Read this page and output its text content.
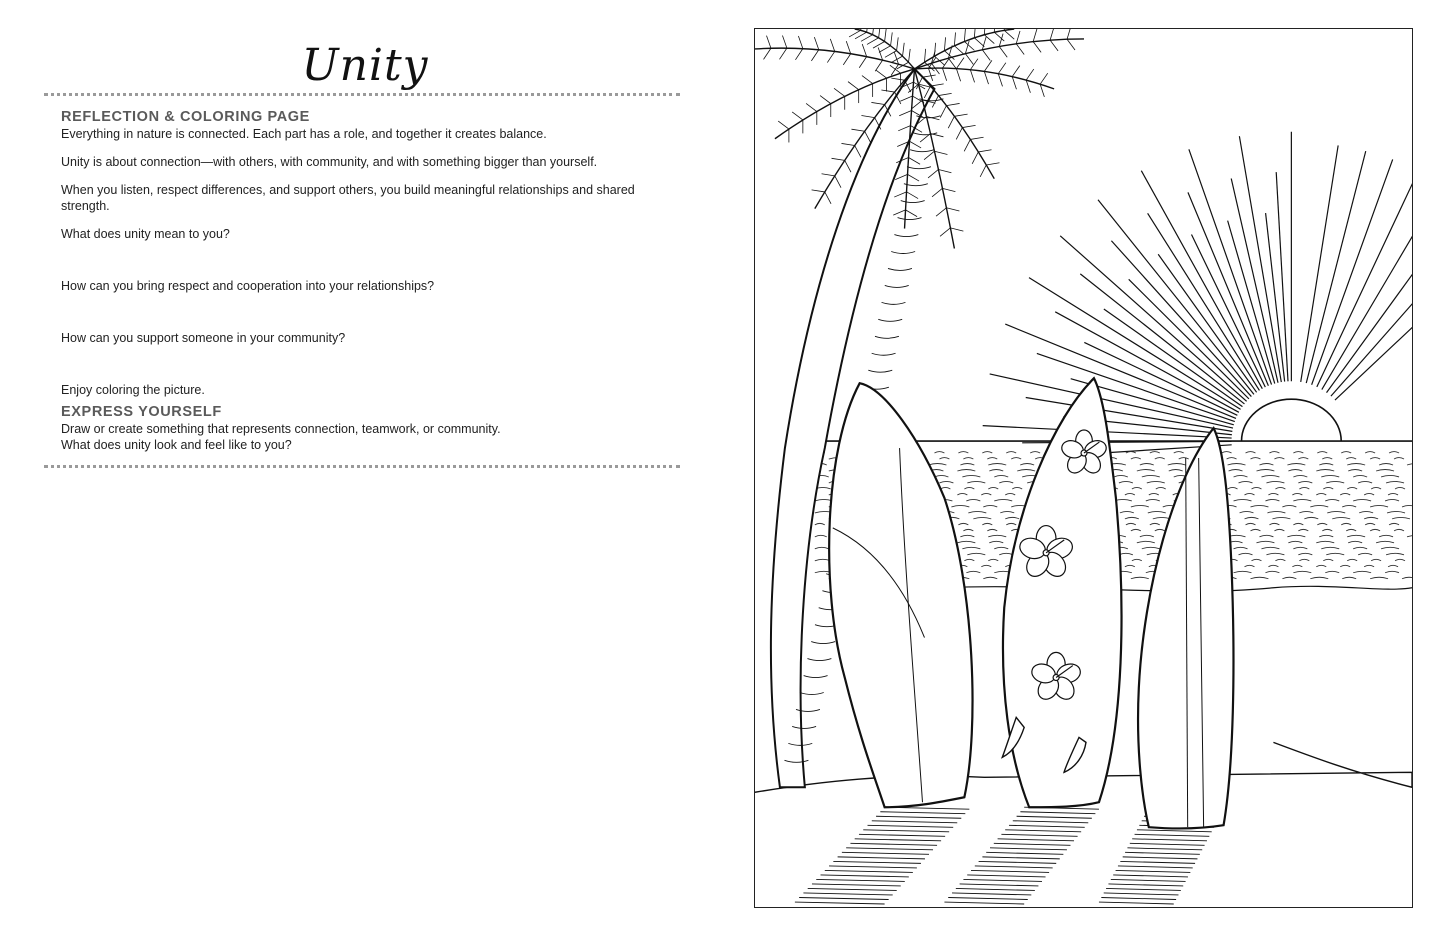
Unity
REFLECTION & COLORING PAGE

Everything in nature is connected. Each part has a role, and together it creates balance.

Unity is about connection—with others, with community, and with something bigger than yourself.

When you listen, respect differences, and support others, you build meaningful relationships and shared strength.

What does unity mean to you?

How can you bring respect and cooperation into your relationships?

How can you support someone in your community?

Enjoy coloring the picture.

EXPRESS YOURSELF

Draw or create something that represents connection, teamwork, or community.

What does unity look and feel like to you?
